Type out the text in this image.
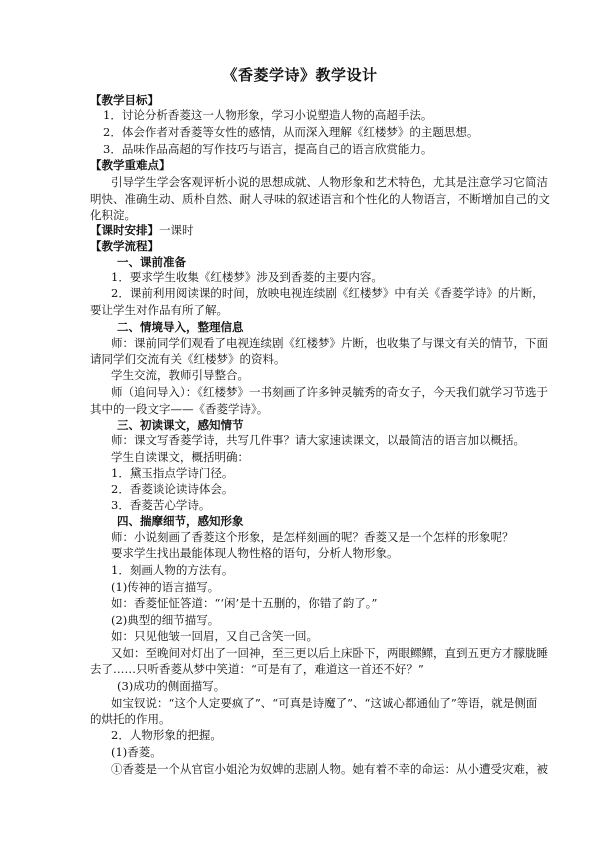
《香菱学诗》教学设计
【教学目标】
1．讨论分析香菱这一人物形象，学习小说塑造人物的高超手法。
2．体会作者对香菱等女性的感情，从而深入理解《红楼梦》的主题思想。
3．品味作品高超的写作技巧与语言，提高自己的语言欣赏能力。
【教学重难点】
引导学生学会客观评析小说的思想成就、人物形象和艺术特色，尤其是注意学习它简洁
明快、准确生动、质朴自然、耐人寻味的叙述语言和个性化的人物语言，不断增加自己的文
化积淀。
【课时安排】一课时
【教学流程】
一、课前准备
1．要求学生收集《红楼梦》涉及到香菱的主要内容。
2．课前利用阅读课的时间，放映电视连续剧《红楼梦》中有关《香菱学诗》的片断，
要让学生对作品有所了解。
二、情境导入，整理信息
师：课前同学们观看了电视连续剧《红楼梦》片断，也收集了与课文有关的情节，下面
请同学们交流有关《红楼梦》的资料。
学生交流，教师引导整合。
师（追问导入）：《红楼梦》一书刻画了许多钟灵毓秀的奇女子，今天我们就学习节选于
其中的一段文字——《香菱学诗》。
三、初读课文，感知情节
师：课文写香菱学诗，共写几件事？请大家速读课文，以最简洁的语言加以概括。
学生自读课文，概括明确：
1．黛玉指点学诗门径。
2．香菱谈论读诗体会。
3．香菱苦心学诗。
四、揣摩细节，感知形象
师：小说刻画了香菱这个形象，是怎样刻画的呢？香菱又是一个怎样的形象呢？
要求学生找出最能体现人物性格的语句，分析人物形象。
1．刻画人物的方法有。
(1)传神的语言描写。
如：香菱怔怔答道：“‘闲’是十五删的，你错了韵了。”
(2)典型的细节描写。
如：只见他皱一回眉，又自己含笑一回。
又如：至晚间对灯出了一回神，至三更以后上床卧下，两眼鳏鳏，直到五更方才朦胧睡
去了……只听香菱从梦中笑道：“可是有了，难道这一首还不好？”
(3)成功的侧面描写。
如宝钗说：“这个人定要疯了”、“可真是诗魔了”、“这诚心都通仙了”等语，就是侧面
的烘托的作用。
2．人物形象的把握。
(1)香菱。
①香菱是一个从官宦小姐沦为奴婢的悲剧人物。她有着不幸的命运：从小遭受灾难，被
